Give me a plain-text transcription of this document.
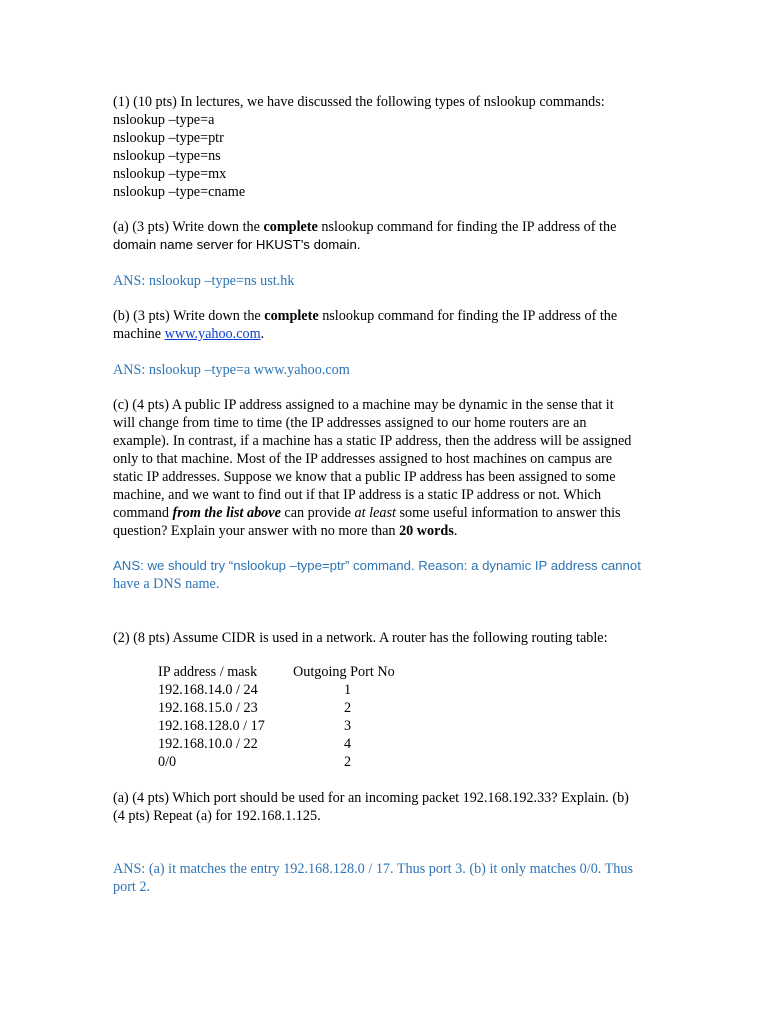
(1) (10 pts) In lectures, we have discussed the following types of nslookup commands:
nslookup –type=a
nslookup –type=ptr
nslookup –type=ns
nslookup –type=mx
nslookup –type=cname
(a) (3 pts) Write down the complete nslookup command for finding the IP address of the
domain name server for HKUST’s domain.
ANS: nslookup –type=ns ust.hk
(b) (3 pts) Write down the complete nslookup command for finding the IP address of the
machine www.yahoo.com.
ANS: nslookup –type=a www.yahoo.com
(c) (4 pts) A public IP address assigned to a machine may be dynamic in the sense that it
will change from time to time (the IP addresses assigned to our home routers are an
example). In contrast, if a machine has a static IP address, then the address will be assigned
only to that machine. Most of the IP addresses assigned to host machines on campus are
static IP addresses. Suppose we know that a public IP address has been assigned to some
machine, and we want to find out if that IP address is a static IP address or not. Which
command from the list above can provide at least some useful information to answer this
question? Explain your answer with no more than 20 words.
ANS: we should try “nslookup –type=ptr” command. Reason: a dynamic IP address cannot
have a DNS name.
(2) (8 pts) Assume CIDR is used in a network. A router has the following routing table:
IP address / mask	Outgoing Port No
192.168.14.0 / 24	1
192.168.15.0 / 23	2
192.168.128.0 / 17	3
192.168.10.0 / 22	4
0/0	2
(a) (4 pts) Which port should be used for an incoming packet 192.168.192.33? Explain. (b)
(4 pts) Repeat (a) for 192.168.1.125.
ANS: (a) it matches the entry 192.168.128.0 / 17. Thus port 3. (b) it only matches 0/0. Thus
port 2.
